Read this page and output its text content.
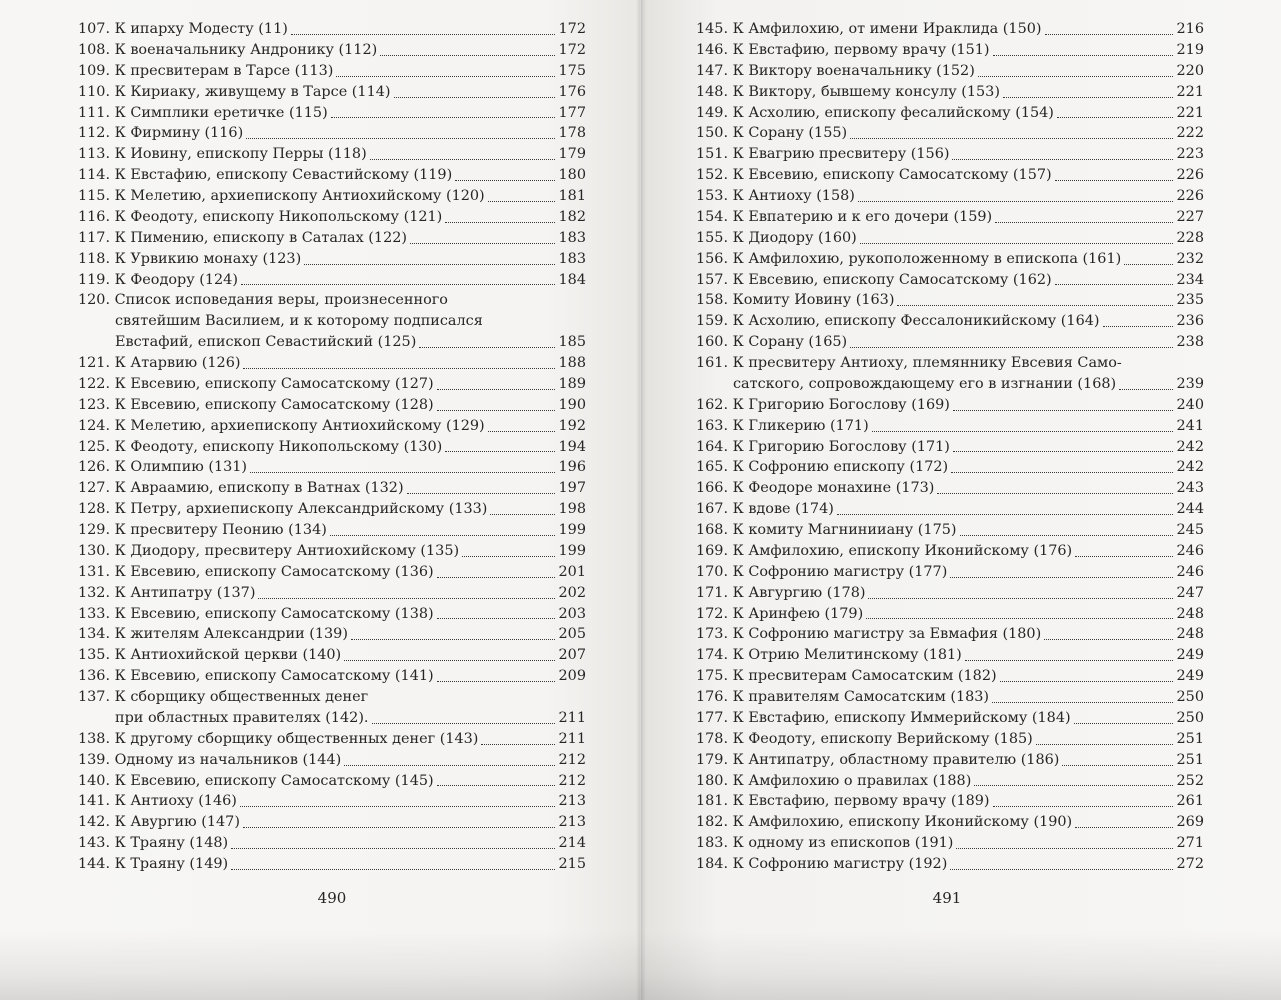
107. К ипарху Модесту (11)	172
108. К военачальнику Андронику (112)	172
109. К пресвитерам в Тарсе (113)	175
110. К Кириаку, живущему в Тарсе (114)	176
111. К Симплики еретичке (115)	177
112. К Фирмину (116)	178
113. К Иовину, епископу Перры (118)	179
114. К Евстафию, епископу Севастийскому (119)	180
115. К Мелетию, архиепископу Антиохийскому (120)	181
116. К Феодоту, епископу Никопольскому (121)	182
117. К Пимению, епископу в Саталах (122)	183
118. К Урвикию монаху (123)	183
119. К Феодору (124)	184
120. Список исповедания веры, произнесенного
святейшим Василием, и к которому подписался
Евстафий, епископ Севастийский (125)	185
121. К Атарвию (126)	188
122. К Евсевию, епископу Самосатскому (127)	189
123. К Евсевию, епископу Самосатскому (128)	190
124. К Мелетию, архиепископу Антиохийскому (129)	192
125. К Феодоту, епископу Никопольскому (130)	194
126. К Олимпию (131)	196
127. К Авраамию, епископу в Ватнах (132)	197
128. К Петру, архиепископу Александрийскому (133)	198
129. К пресвитеру Пеонию (134)	199
130. К Диодору, пресвитеру Антиохийскому (135)	199
131. К Евсевию, епископу Самосатскому (136)	201
132. К Антипатру (137)	202
133. К Евсевию, епископу Самосатскому (138)	203
134. К жителям Александрии (139)	205
135. К Антиохийской церкви (140)	207
136. К Евсевию, епископу Самосатскому (141)	209
137. К сборщику общественных денег
при областных правителях (142).	211
138. К другому сборщику общественных денег (143)	211
139. Одному из начальников (144)	212
140. К Евсевию, епископу Самосатскому (145)	212
141. К Антиоху (146)	213
142. К Авургию (147)	213
143. К Траяну (148)	214
144. К Траяну (149)	215
490
145. К Амфилохию, от имени Ираклида (150)	216
146. К Евстафию, первому врачу (151)	219
147. К Виктору военачальнику (152)	220
148. К Виктору, бывшему консулу (153)	221
149. К Асхолию, епископу фесалийскому (154)	221
150. К Сорану (155)	222
151. К Евагрию пресвитеру (156)	223
152. К Евсевию, епископу Самосатскому (157)	226
153. К Антиоху (158)	226
154. К Евпатерию и к его дочери (159)	227
155. К Диодору (160)	228
156. К Амфилохию, рукоположенному в епископа (161)	232
157. К Евсевию, епископу Самосатскому (162)	234
158. Комиту Иовину (163)	235
159. К Асхолию, епископу Фессалоникийскому (164)	236
160. К Сорану (165)	238
161. К пресвитеру Антиоху, племяннику Евсевия Само-
сатского, сопровождающему его в изгнании (168)	239
162. К Григорию Богослову (169)	240
163. К Гликерию (171)	241
164. К Григорию Богослову (171)	242
165. К Софронию епископу (172)	242
166. К Феодоре монахине (173)	243
167. К вдове (174)	244
168. К комиту Магнинииану (175)	245
169. К Амфилохию, епископу Иконийскому (176)	246
170. К Софронию магистру (177)	246
171. К Авгургию (178)	247
172. К Аринфею (179)	248
173. К Софронию магистру за Евмафия (180)	248
174. К Отрию Мелитинскому (181)	249
175. К пресвитерам Самосатским (182)	249
176. К правителям Самосатским (183)	250
177. К Евстафию, епископу Иммерийскому (184)	250
178. К Феодоту, епископу Верийскому (185)	251
179. К Антипатру, областному правителю (186)	251
180. К Амфилохию о правилах (188)	252
181. К Евстафию, первому врачу (189)	261
182. К Амфилохию, епископу Иконийскому (190)	269
183. К одному из епископов (191)	271
184. К Софронию магистру (192)	272
491
